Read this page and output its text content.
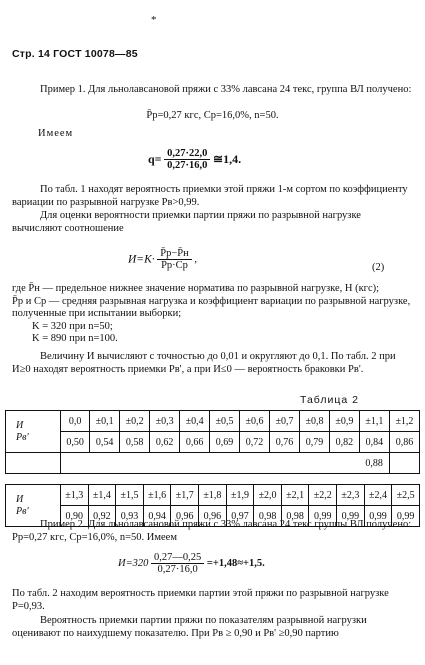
*
Стр. 14 ГОСТ 10078—85
Пример 1. Для льнолавсановой пряжи с 33% лавсана 24 текс, группа ВЛ получено:
P̄р=0,27 кгс, Ср=16,0%, n=50.
Имеем
$q= \frac{0,27\cdot 22,0}{0,27\cdot 16,0}$ ≅1,4.
По табл. 1 находят вероятность приемки этой пряжи 1-м сортом по коэффициенту вариации по разрывной нагрузке Рв>0,99.
Для оценки вероятности приемки партии пряжи по разрывной нагрузке вычисляют соотношение
$И=K\cdot \frac{P̄р-P̄н}{P̄р\cdot Cр}$ ,
(2)
где P̄н — предельное нижнее значение норматива по разрывной нагрузке, Н (кгс);
P̄р и Ср — средняя разрывная нагрузка и коэффициент вариации по разрывной нагрузке, полученные при испытании выборки;
K = 320 при n=50;
K = 890 при n=100.
Величину И вычисляют с точностью до 0,01 и округляют до 0,1. По табл. 2 при И≥0 находят вероятность приемки Рв', а при И≤0 — вероятность браковки Рв'.
Таблица 2
И
Рв'	0,0	±0,1	±0,2	±0,3	±0,4	±0,5	±0,6	±0,7	±0,8	±0,9	±1,1	±1,2
	0,50	0,54	0,58	0,62	0,66	0,69	0,72	0,76	0,79	0,82	0,84	0,86
	0,88											
И
Рв'	±1,3	±1,4	±1,5	±1,6	±1,7	±1,8	±1,9	±2,0	±2,1	±2,2	±2,3	±2,4	±2,5
	0,90	0,92	0,93	0,94	0,96	0,96	0,97	0,98	0,98	0,99	0,99	0,99	0,99
Пример 2. Для льнолавсановой пряжи с 33% лавсана 24 текс группы ВЛ получено: Рр=0,27 кгс, Ср=16,0%, n=50. Имеем
$И=320 \frac{0,27—0,25}{0,27\cdot 16,0} =+1,48\approx+1,5$.
По табл. 2 находим вероятность приемки партии этой пряжи по разрывной нагрузке Р=0,93.
Вероятность приемки партии пряжи по показателям разрывной нагрузки оценивают по наихудшему показателю. При Рв ≥ 0,90 и Рв' ≥0,90 партию
